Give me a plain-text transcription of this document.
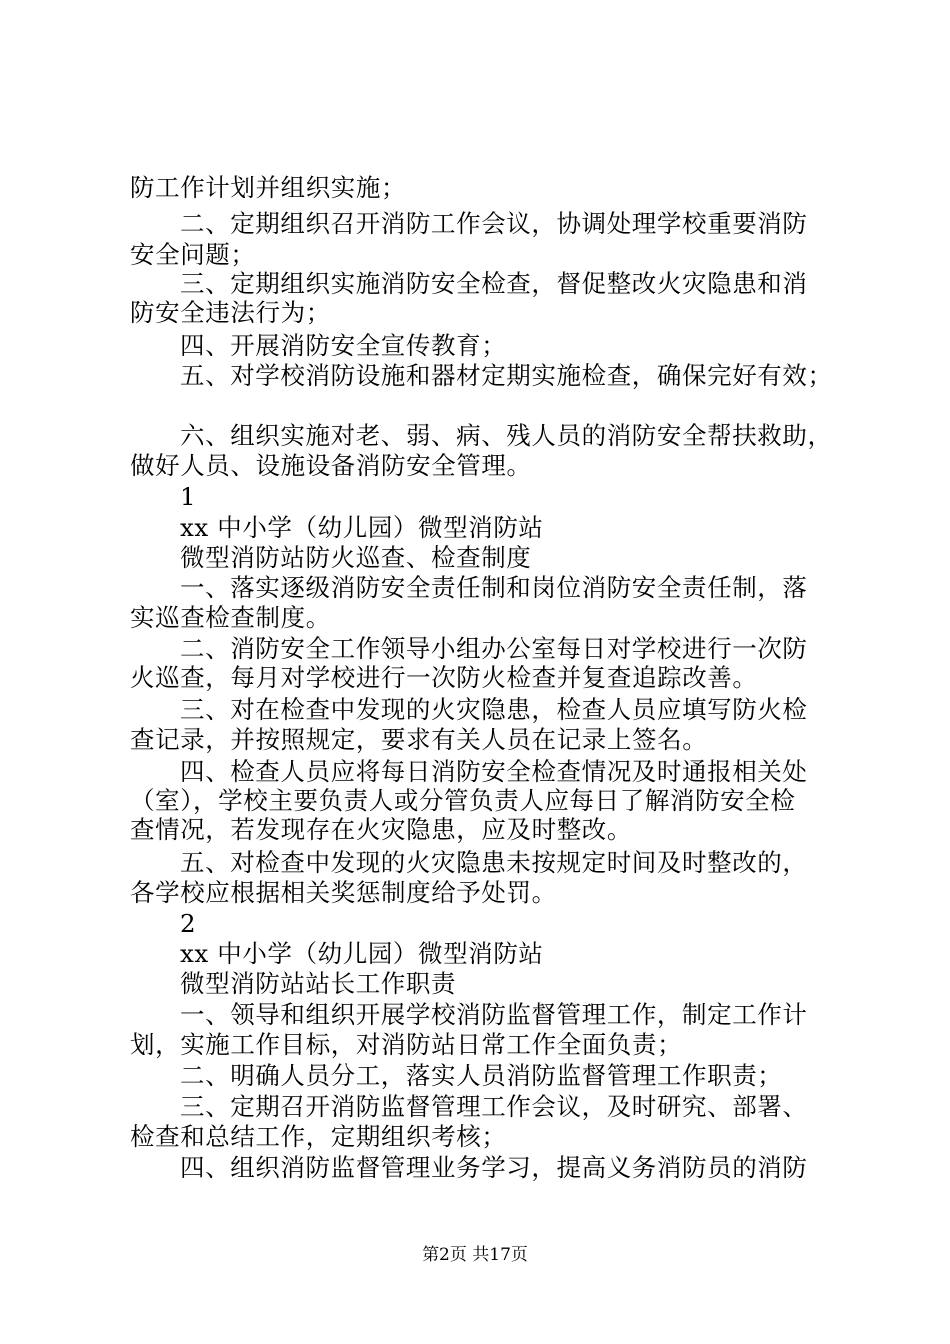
防工作计划并组织实施；
二、定期组织召开消防工作会议，协调处理学校重要消防
安全问题；
三、定期组织实施消防安全检查，督促整改火灾隐患和消
防安全违法行为；
四、开展消防安全宣传教育；
五、对学校消防设施和器材定期实施检查，确保完好有效；
六、组织实施对老、弱、病、残人员的消防安全帮扶救助，
做好人员、设施设备消防安全管理。
1
xx 中小学（幼儿园）微型消防站
微型消防站防火巡查、检查制度
一、落实逐级消防安全责任制和岗位消防安全责任制，落
实巡查检查制度。
二、消防安全工作领导小组办公室每日对学校进行一次防
火巡查，每月对学校进行一次防火检查并复查追踪改善。
三、对在检查中发现的火灾隐患，检查人员应填写防火检
查记录，并按照规定，要求有关人员在记录上签名。
四、检查人员应将每日消防安全检查情况及时通报相关处
（室），学校主要负责人或分管负责人应每日了解消防安全检
查情况，若发现存在火灾隐患，应及时整改。
五、对检查中发现的火灾隐患未按规定时间及时整改的，
各学校应根据相关奖惩制度给予处罚。
2
xx 中小学（幼儿园）微型消防站
微型消防站站长工作职责
一、领导和组织开展学校消防监督管理工作，制定工作计
划，实施工作目标，对消防站日常工作全面负责；
二、明确人员分工，落实人员消防监督管理工作职责；
三、定期召开消防监督管理工作会议，及时研究、部署、
检查和总结工作，定期组织考核；
四、组织消防监督管理业务学习，提高义务消防员的消防
第2页 共17页
